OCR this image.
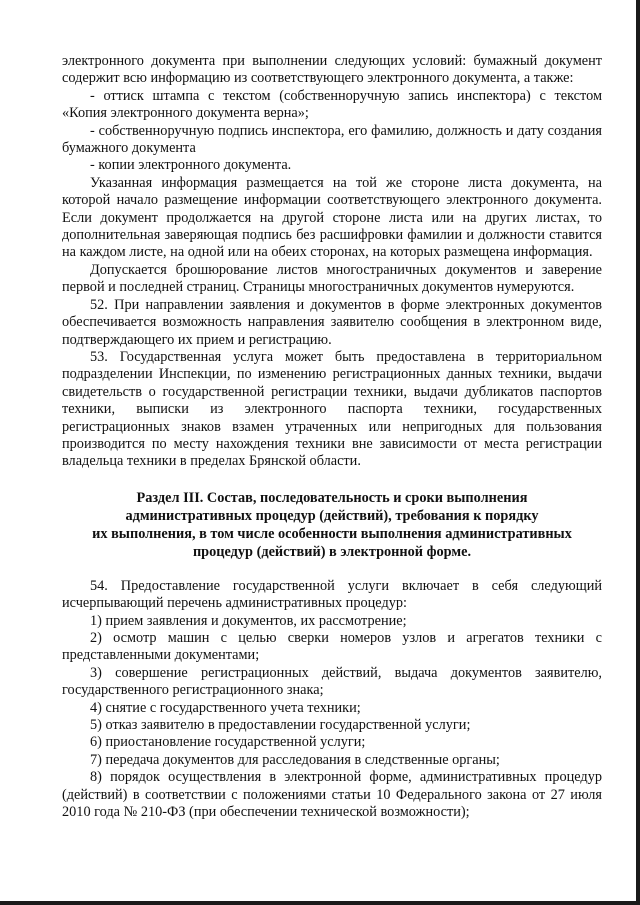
электронного документа при выполнении следующих условий: бумажный документ содержит всю информацию из соответствующего электронного документа, а также:

- оттиск штампа с текстом (собственноручную запись инспектора) с текстом «Копия электронного документа верна»;

- собственноручную подпись инспектора, его фамилию, должность и дату создания бумажного документа

- копии электронного документа.

Указанная информация размещается на той же стороне листа документа, на которой начало размещение информации соответствующего электронного документа. Если документ продолжается на другой стороне листа или на других листах, то дополнительная заверяющая подпись без расшифровки фамилии и должности ставится на каждом листе, на одной или на обеих сторонах, на которых размещена информация.

Допускается брошюрование листов многостраничных документов и заверение первой и последней страниц. Страницы многостраничных документов нумеруются.

52. При направлении заявления и документов в форме электронных документов обеспечивается возможность направления заявителю сообщения в электронном виде, подтверждающего их прием и регистрацию.

53. Государственная услуга может быть предоставлена в территориальном подразделении Инспекции, по изменению регистрационных данных техники, выдачи свидетельств о государственной регистрации техники, выдачи дубликатов паспортов техники, выписки из электронного паспорта техники, государственных регистрационных знаков взамен утраченных или непригодных для пользования производится по месту нахождения техники вне зависимости от места регистрации владельца техники в пределах Брянской области.

Раздел III. Состав, последовательность и сроки выполнения
административных процедур (действий), требования к порядку
их выполнения, в том числе особенности выполнения административных
процедур (действий) в электронной форме.

54. Предоставление государственной услуги включает в себя следующий исчерпывающий перечень административных процедур:

1) прием заявления и документов, их рассмотрение;

2) осмотр машин с целью сверки номеров узлов и агрегатов техники с представленными документами;

3) совершение регистрационных действий, выдача документов заявителю, государственного регистрационного знака;

4) снятие с государственного учета техники;

5) отказ заявителю в предоставлении государственной услуги;

6) приостановление государственной услуги;

7) передача документов для расследования в следственные органы;

8) порядок осуществления в электронной форме, административных процедур (действий) в соответствии с положениями статьи 10 Федерального закона от 27 июля 2010 года № 210-ФЗ (при обеспечении технической возможности);
